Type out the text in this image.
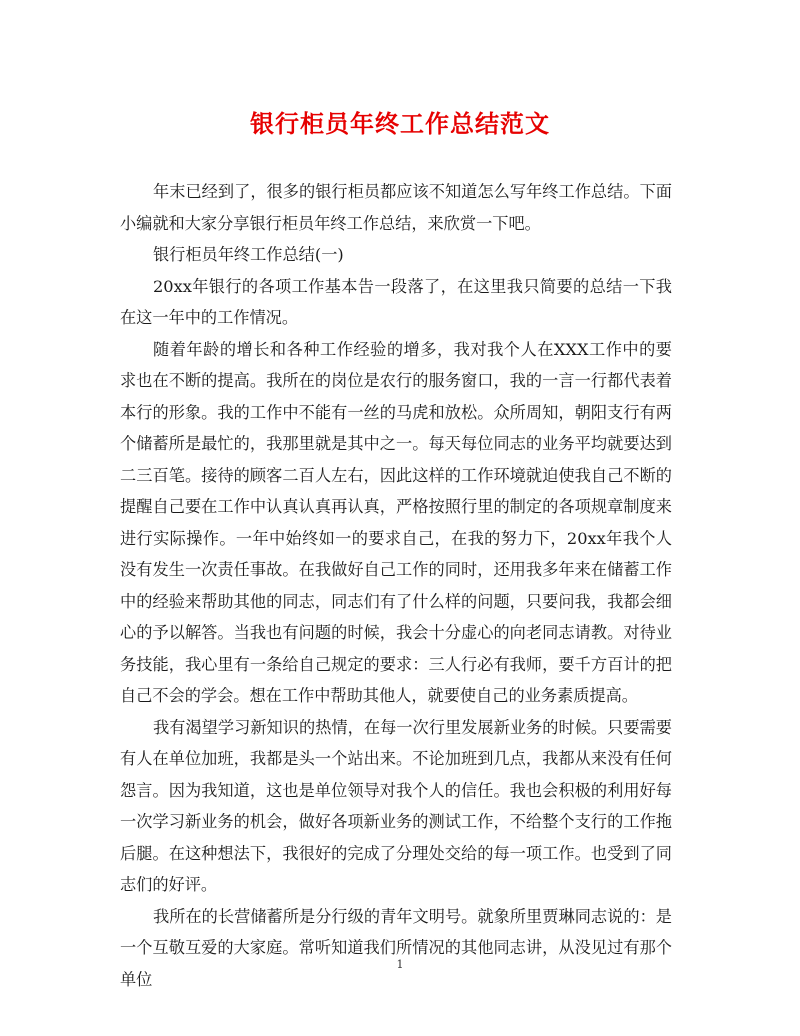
银行柜员年终工作总结范文

年末已经到了，很多的银行柜员都应该不知道怎么写年终工作总结。下面小编就和大家分享银行柜员年终工作总结，来欣赏一下吧。

银行柜员年终工作总结(一)

20xx年银行的各项工作基本告一段落了，在这里我只简要的总结一下我在这一年中的工作情况。

随着年龄的增长和各种工作经验的增多，我对我个人在XXX工作中的要求也在不断的提高。我所在的岗位是农行的服务窗口，我的一言一行都代表着本行的形象。我的工作中不能有一丝的马虎和放松。众所周知，朝阳支行有两个储蓄所是最忙的，我那里就是其中之一。每天每位同志的业务平均就要达到二三百笔。接待的顾客二百人左右，因此这样的工作环境就迫使我自己不断的提醒自己要在工作中认真认真再认真，严格按照行里的制定的各项规章制度来进行实际操作。一年中始终如一的要求自己，在我的努力下，20xx年我个人没有发生一次责任事故。在我做好自己工作的同时，还用我多年来在储蓄工作中的经验来帮助其他的同志，同志们有了什么样的问题，只要问我，我都会细心的予以解答。当我也有问题的时候，我会十分虚心的向老同志请教。对待业务技能，我心里有一条给自己规定的要求：三人行必有我师，要千方百计的把自己不会的学会。想在工作中帮助其他人，就要使自己的业务素质提高。

我有渴望学习新知识的热情，在每一次行里发展新业务的时候。只要需要有人在单位加班，我都是头一个站出来。不论加班到几点，我都从来没有任何怨言。因为我知道，这也是单位领导对我个人的信任。我也会积极的利用好每一次学习新业务的机会，做好各项新业务的测试工作，不给整个支行的工作拖后腿。在这种想法下，我很好的完成了分理处交给的每一项工作。也受到了同志们的好评。

我所在的长营储蓄所是分行级的青年文明号。就象所里贾琳同志说的：是一个互敬互爱的大家庭。常听知道我们所情况的其他同志讲，从没见过有那个单位

1
